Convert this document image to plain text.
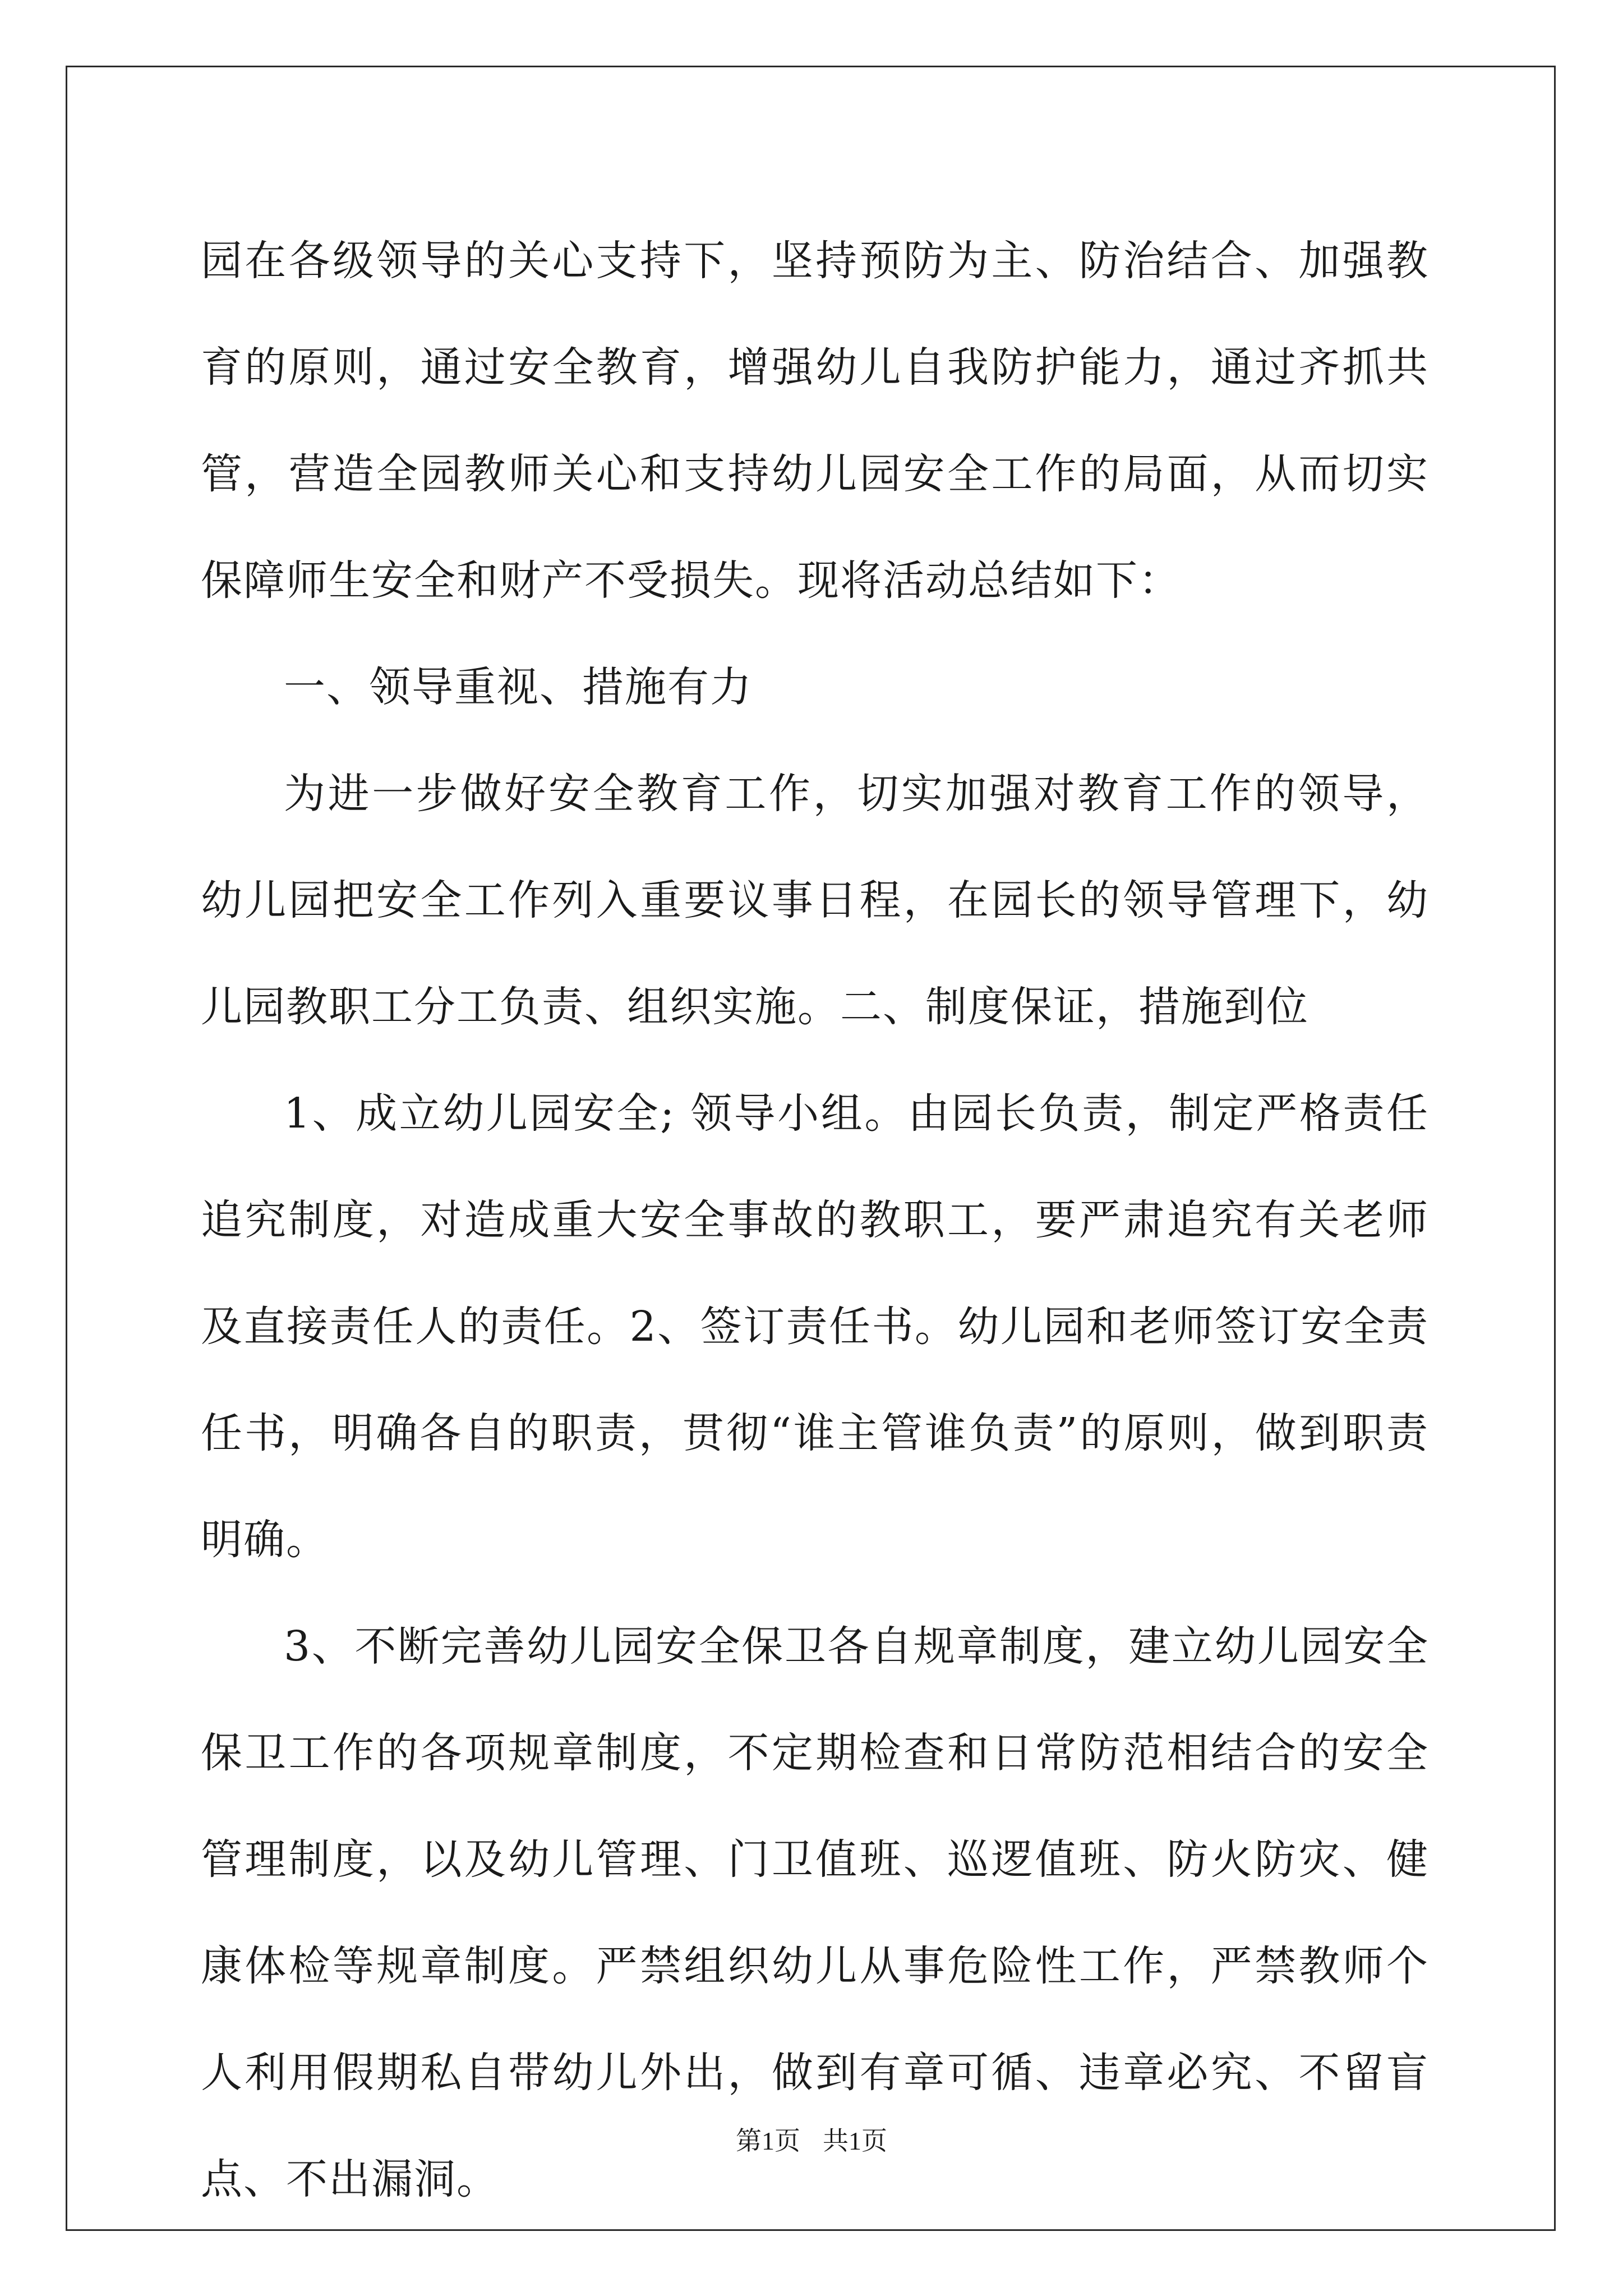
园在各级领导的关心支持下，坚持预防为主、防治结合、加强教育的原则，通过安全教育，增强幼儿自我防护能力，通过齐抓共管，营造全园教师关心和支持幼儿园安全工作的局面，从而切实保障师生安全和财产不受损失。现将活动总结如下：

一、领导重视、措施有力

为进一步做好安全教育工作，切实加强对教育工作的领导，幼儿园把安全工作列入重要议事日程，在园长的领导管理下，幼儿园教职工分工负责、组织实施。二、制度保证，措施到位

1、成立幼儿园安全; 领导小组。由园长负责，制定严格责任追究制度，对造成重大安全事故的教职工，要严肃追究有关老师及直接责任人的责任。2、签订责任书。幼儿园和老师签订安全责任书，明确各自的职责，贯彻“谁主管谁负责”的原则，做到职责明确。

3、不断完善幼儿园安全保卫各自规章制度，建立幼儿园安全保卫工作的各项规章制度，不定期检查和日常防范相结合的安全管理制度，以及幼儿管理、门卫值班、巡逻值班、防火防灾、健康体检等规章制度。严禁组织幼儿从事危险性工作，严禁教师个人利用假期私自带幼儿外出，做到有章可循、违章必究、不留盲点、不出漏洞。

第1页 共1页
